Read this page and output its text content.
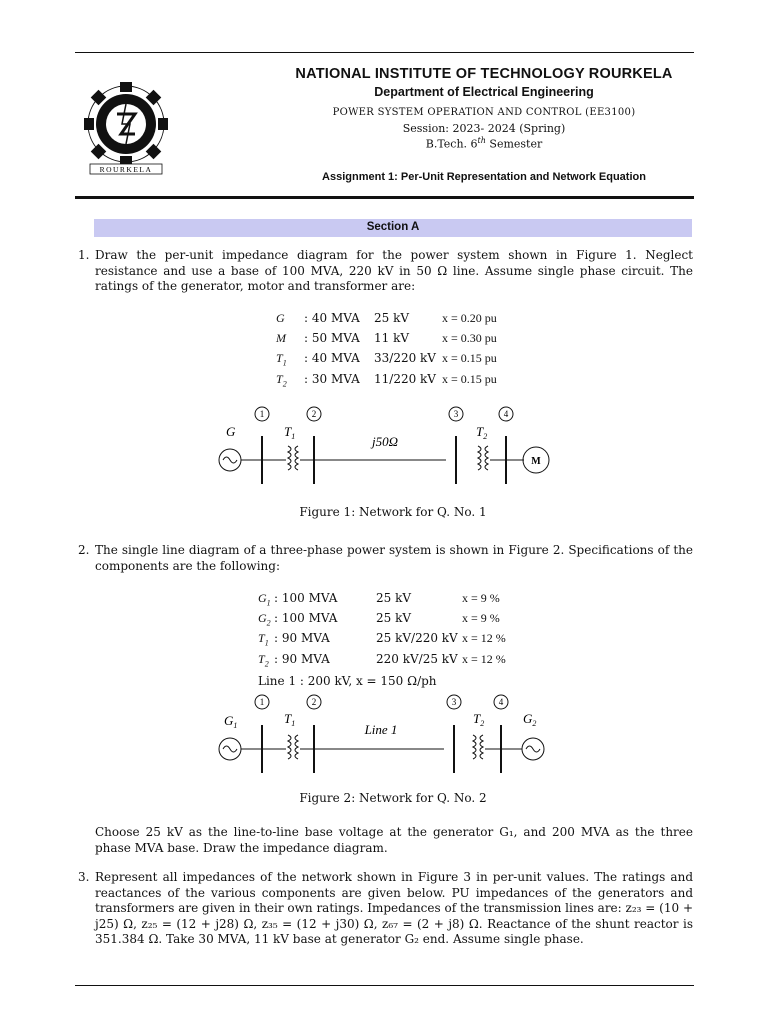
ROURKELA
NATIONAL INSTITUTE OF TECHNOLOGY ROURKELA
Department of Electrical Engineering
POWER SYSTEM OPERATION AND CONTROL (EE3100)
Session: 2023- 2024 (Spring)
B.Tech. 6th Semester
Assignment 1: Per-Unit Representation and Network Equation
Section A
1. Draw the per-unit impedance diagram for the power system shown in Figure 1. Neglect resistance and use a base of 100 MVA, 220 kV in 50 Ω line. Assume single phase circuit. The ratings of the generator, motor and transformer are:
G : 40 MVA 25 kV	x = 0.20 pu
M : 50 MVA 11 kV	x = 0.30 pu
$T_1$ : 40 MVA 33/220 kV x = 0.15 pu
$T_2$ : 30 MVA 11/220 kV x = 0.15 pu
1	2	3	4
G	$T_1$	j50Ω
$T_2$
M
Figure 1: Network for Q. No. 1
2. The single line diagram of a three-phase power system is shown in Figure 2. Specifications of the components are the following:
$G_1$ : 100 MVA	25 kV	x = 9 %
$G_2$ : 100 MVA	25 kV	x = 9 %
$T_1$ : 90 MVA	25 kV/220 kV x = 12 %
$T_2$ : 90 MVA	220 kV/25 kV x = 12 %
Line 1 : 200 kV, x = 150 Ω/ph
1	2	3	4
$G_1$	$T_1$	Line 1
$T_2$	$G_2$
Figure 2: Network for Q. No. 2
Choose 25 kV as the line-to-line base voltage at the generator G₁, and 200 MVA as the three phase MVA base. Draw the impedance diagram.
3. Represent all impedances of the network shown in Figure 3 in per-unit values. The ratings and reactances of the various components are given below. PU impedances of the generators and transformers are given in their own ratings. Impedances of the transmission lines are: z₂₃ = (10 + j25) Ω, z₂₅ = (12 + j28) Ω, z₃₅ = (12 + j30) Ω, z₆₇ = (2 + j8) Ω. Reactance of the shunt reactor is 351.384 Ω. Take 30 MVA, 11 kV base at generator G₂ end. Assume single phase.
